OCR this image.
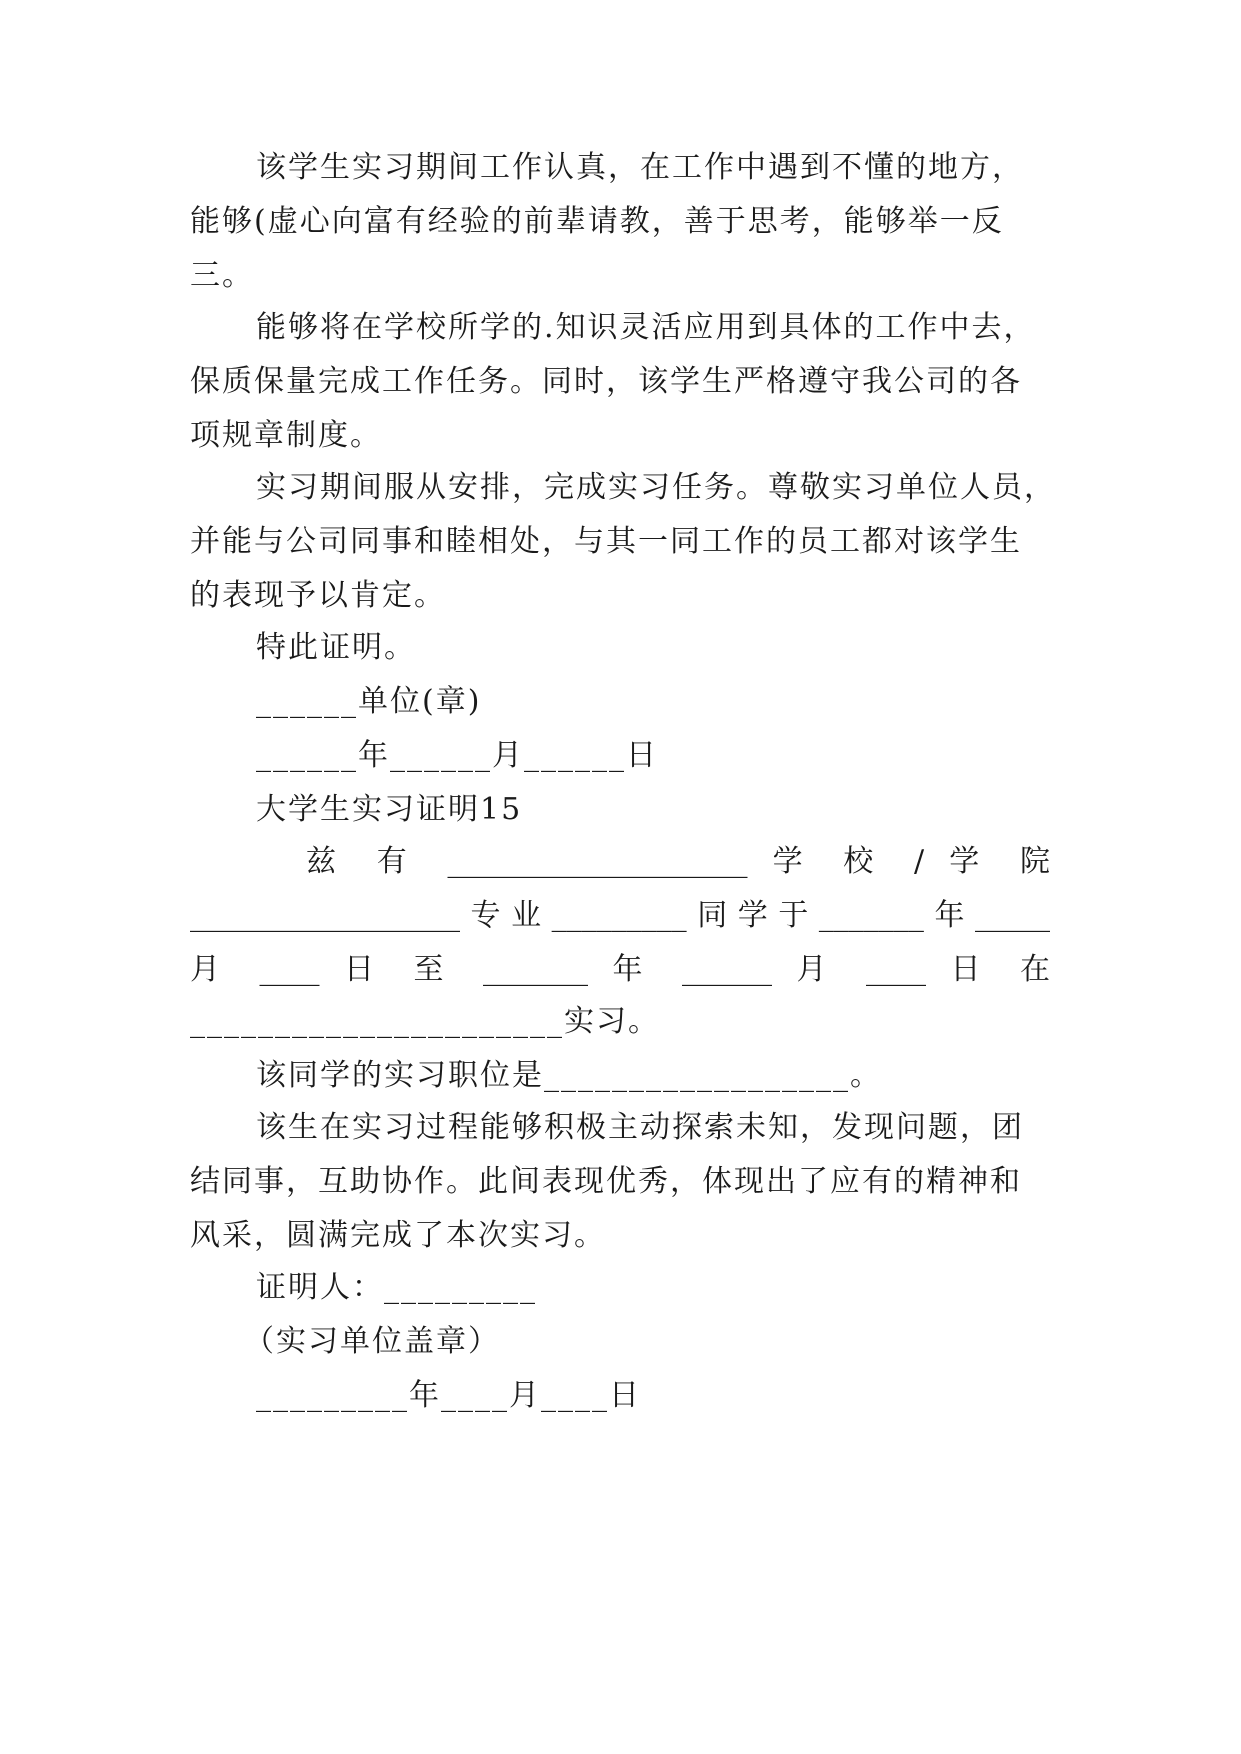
该学生实习期间工作认真，在工作中遇到不懂的地方，
能够(虚心向富有经验的前辈请教，善于思考，能够举一反
三。
能够将在学校所学的.知识灵活应用到具体的工作中去，
保质保量完成工作任务。同时，该学生严格遵守我公司的各
项规章制度。
实习期间服从安排，完成实习任务。尊敬实习单位人员，
并能与公司同事和睦相处，与其一同工作的员工都对该学生
的表现予以肯定。
特此证明。
______单位(章)
______年______月______日
大学生实习证明15
兹 有 ____________________ 学 校 / 学 院
__________________专业_________同学于_______年_____
月 ____ 日 至 _______ 年 ______ 月 ____ 日 在
______________________实习。
该同学的实习职位是__________________。
该生在实习过程能够积极主动探索未知，发现问题，团
结同事，互助协作。此间表现优秀，体现出了应有的精神和
风采，圆满完成了本次实习。
证明人：_________
（实习单位盖章）
_________年____月____日
